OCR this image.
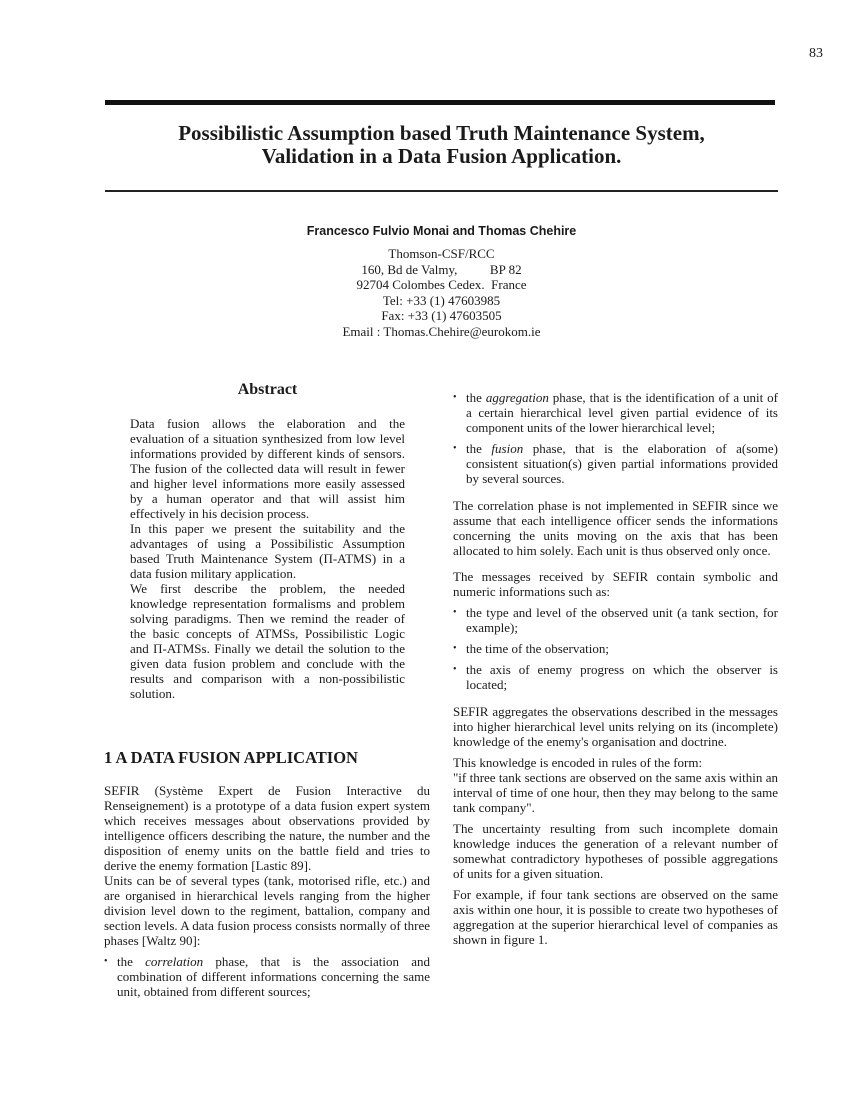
83
Possibilistic Assumption based Truth Maintenance System,
Validation in a Data Fusion Application.
Francesco Fulvio Monai and Thomas Chehire
Thomson-CSF/RCC
160, Bd de Valmy,          BP 82
92704 Colombes Cedex.  France
Tel: +33 (1) 47603985
Fax: +33 (1) 47603505
Email : Thomas.Chehire@eurokom.ie
Abstract

Data fusion allows the elaboration and the evaluation of a situation synthesized from low level informations provided by different kinds of sensors. The fusion of the collected data will result in fewer and higher level informations more easily assessed by a human operator and that will assist him effectively in his decision process.

In this paper we present the suitability and the advantages of using a Possibilistic Assumption based Truth Maintenance System (Π-ATMS) in a data fusion military application.

We first describe the problem, the needed knowledge representation formalisms and problem solving paradigms. Then we remind the reader of the basic concepts of ATMSs, Possibilistic Logic and Π-ATMSs. Finally we detail the solution to the given data fusion problem and conclude with the results and comparison with a non-possibilistic solution.

1 A DATA FUSION APPLICATION

SEFIR (Système Expert de Fusion Interactive du Renseignement) is a prototype of a data fusion expert system which receives messages about observations provided by intelligence officers describing the nature, the number and the disposition of enemy units on the battle field and tries to derive the enemy formation [Lastic 89].

Units can be of several types (tank, motorised rifle, etc.) and are organised in hierarchical levels ranging from the higher division level down to the regiment, battalion, company and section levels. A data fusion process consists normally of three phases [Waltz 90]:

• the correlation phase, that is the association and combination of different informations concerning the same unit, obtained from different sources;
• the aggregation phase, that is the identification of a unit of a certain hierarchical level given partial evidence of its component units of the lower hierarchical level;
• the fusion phase, that is the elaboration of a(some) consistent situation(s) given partial informations provided by several sources.

The correlation phase is not implemented in SEFIR since we assume that each intelligence officer sends the informations concerning the units moving on the axis that has been allocated to him solely. Each unit is thus observed only once.

The messages received by SEFIR contain symbolic and numeric informations such as:

• the type and level of the observed unit (a tank section, for example);
• the time of the observation;
• the axis of enemy progress on which the observer is located;

SEFIR aggregates the observations described in the messages into higher hierarchical level units relying on its (incomplete) knowledge of the enemy's organisation and doctrine.

This knowledge is encoded in rules of the form:

"if three tank sections are observed on the same axis within an interval of time of one hour, then they may belong to the same tank company".

The uncertainty resulting from such incomplete domain knowledge induces the generation of a relevant number of somewhat contradictory hypotheses of possible aggregations of units for a given situation.

For example, if four tank sections are observed on the same axis within one hour, it is possible to create two hypotheses of aggregation at the superior hierarchical level of companies as shown in figure 1.
